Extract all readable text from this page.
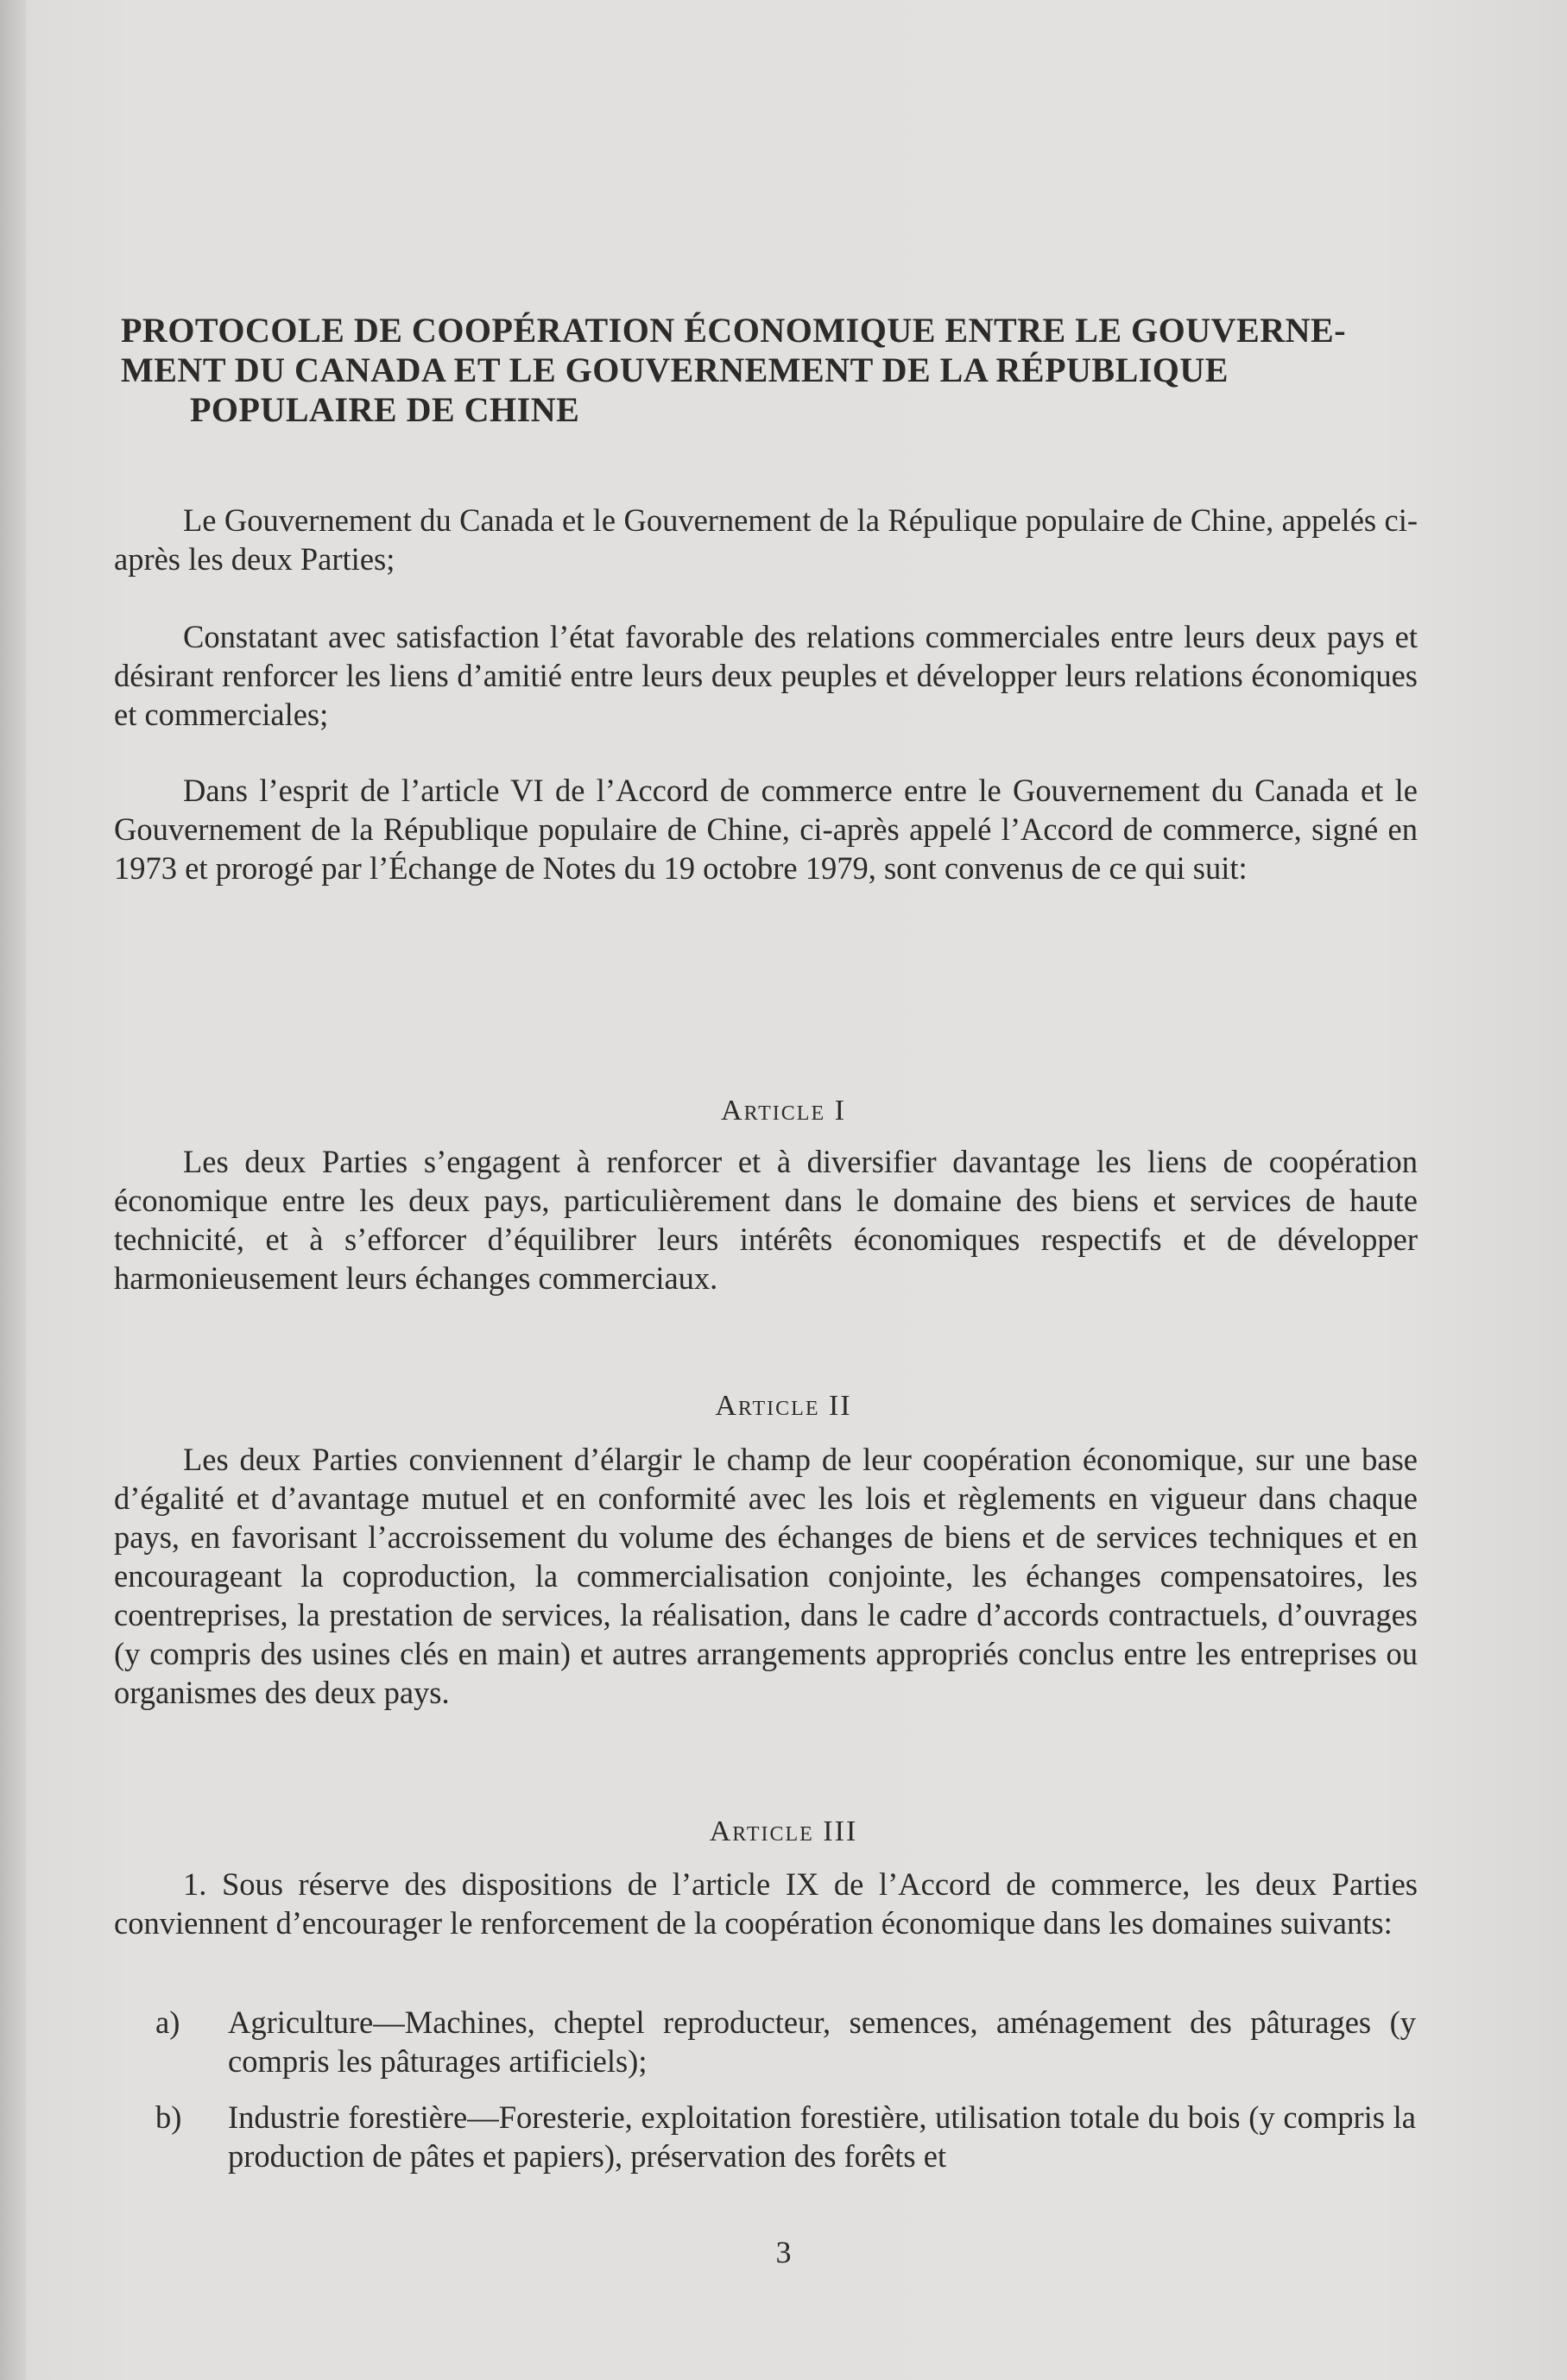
PROTOCOLE DE COOPÉRATION ÉCONOMIQUE ENTRE LE GOUVERNE-

MENT DU CANADA ET LE GOUVERNEMENT DE LA RÉPUBLIQUE
POPULAIRE DE CHINE

Le Gouvernement du Canada et le Gouvernement de la Répulique populaire de Chine, appelés ci-après les deux Parties;

Constatant avec satisfaction l’état favorable des relations commerciales entre leurs deux pays et désirant renforcer les liens d’amitié entre leurs deux peuples et développer leurs relations économiques et commerciales;

Dans l’esprit de l’article VI de l’Accord de commerce entre le Gouvernement du Canada et le Gouvernement de la République populaire de Chine, ci-après appelé l’Accord de commerce, signé en 1973 et prorogé par l’Échange de Notes du 19 octobre 1979, sont convenus de ce qui suit:

Article I

Les deux Parties s’engagent à renforcer et à diversifier davantage les liens de coopération économique entre les deux pays, particulièrement dans le domaine des biens et services de haute technicité, et à s’efforcer d’équilibrer leurs intérêts économiques respectifs et de développer harmonieusement leurs échanges commerciaux.

Article II

Les deux Parties conviennent d’élargir le champ de leur coopération économique, sur une base d’égalité et d’avantage mutuel et en conformité avec les lois et règlements en vigueur dans chaque pays, en favorisant l’accroissement du volume des échanges de biens et de services techniques et en encourageant la coproduction, la commercialisation conjointe, les échanges compensatoires, les coentreprises, la prestation de services, la réalisation, dans le cadre d’accords contractuels, d’ouvrages (y compris des usines clés en main) et autres arrangements appropriés conclus entre les entreprises ou organismes des deux pays.

Article III

1. Sous réserve des dispositions de l’article IX de l’Accord de commerce, les deux Parties conviennent d’encourager le renforcement de la coopération économique dans les domaines suivants:

a) Agriculture—Machines, cheptel reproducteur, semences, aménagement des pâturages (y compris les pâturages artificiels);
b) Industrie forestière—Foresterie, exploitation forestière, utilisation totale du bois (y compris la production de pâtes et papiers), préservation des forêts et
3
